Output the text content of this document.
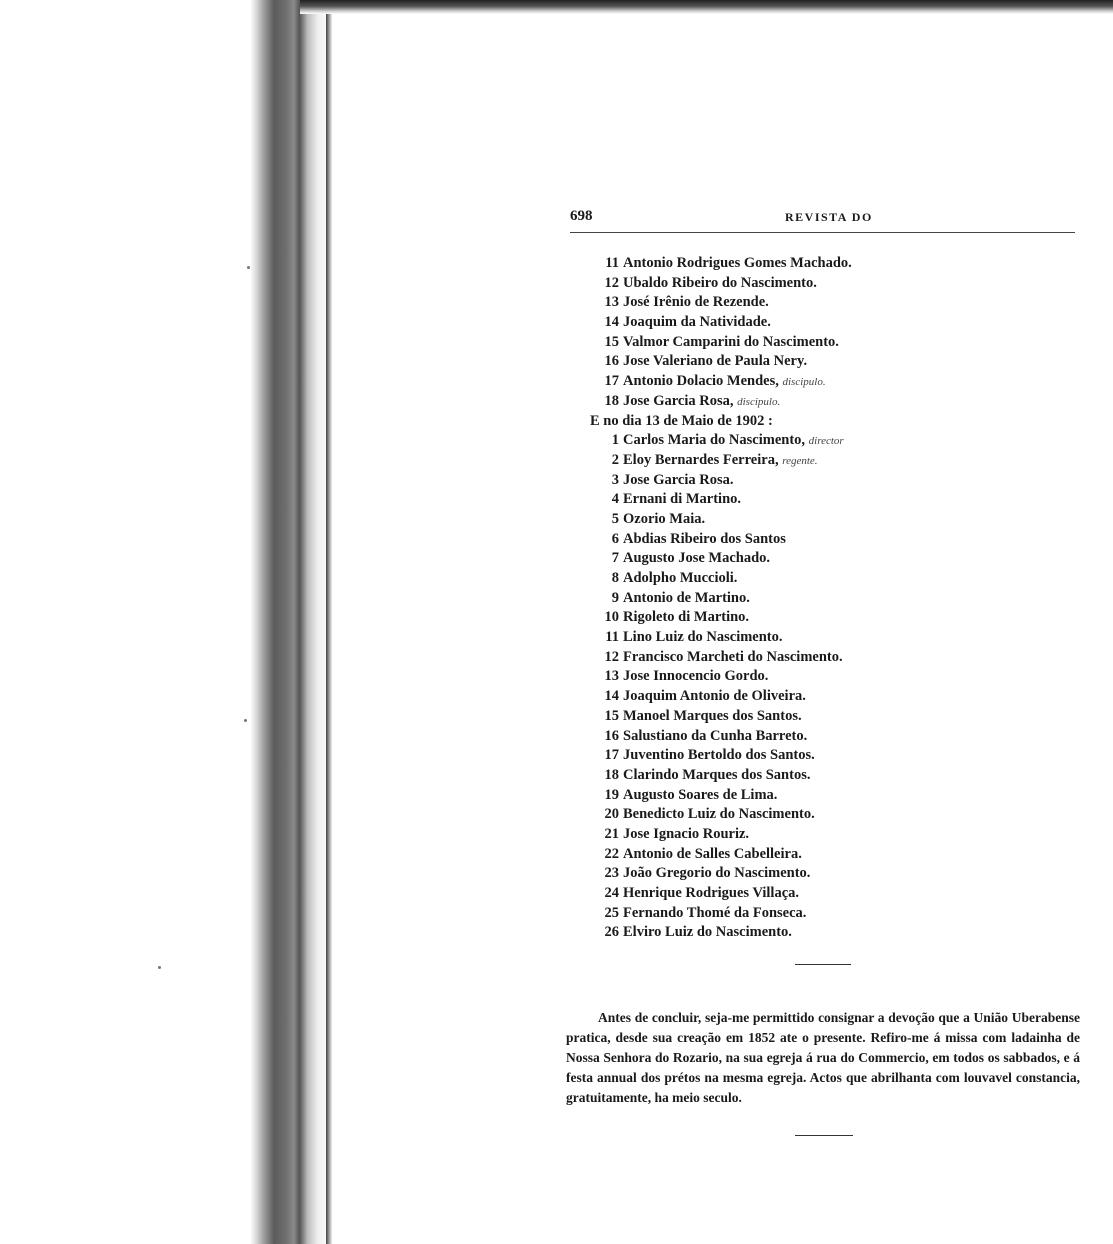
698	REVISTA DO
11 Antonio Rodrigues Gomes Machado.
12 Ubaldo Ribeiro do Nascimento.
13 José Irênio de Rezende.
14 Joaquim da Natividade.
15 Valmor Camparini do Nascimento.
16 Jose Valeriano de Paula Nery.
17 Antonio Dolacio Mendes, discipulo.
18 Jose Garcia Rosa, discipulo.
E no dia 13 de Maio de 1902 :
1 Carlos Maria do Nascimento, director
2 Eloy Bernardes Ferreira, regente.
3 Jose Garcia Rosa.
4 Ernani di Martino.
5 Ozorio Maia.
6 Abdias Ribeiro dos Santos
7 Augusto Jose Machado.
8 Adolpho Muccioli.
9 Antonio de Martino.
10 Rigoleto di Martino.
11 Lino Luiz do Nascimento.
12 Francisco Marcheti do Nascimento.
13 Jose Innocencio Gordo.
14 Joaquim Antonio de Oliveira.
15 Manoel Marques dos Santos.
16 Salustiano da Cunha Barreto.
17 Juventino Bertoldo dos Santos.
18 Clarindo Marques dos Santos.
19 Augusto Soares de Lima.
20 Benedicto Luiz do Nascimento.
21 Jose Ignacio Rouriz.
22 Antonio de Salles Cabelleira.
23 João Gregorio do Nascimento.
24 Henrique Rodrigues Villaça.
25 Fernando Thomé da Fonseca.
26 Elviro Luiz do Nascimento.

Antes de concluir, seja-me permittido consignar a devoção que a União Uberabense pratica, desde sua creação em 1852 ate o presente. Refiro-me á missa com ladainha de Nossa Senhora do Rozario, na sua egreja á rua do Commercio, em todos os sabbados, e á festa annual dos prétos na mesma egreja. Actos que abrilhanta com louvavel constancia, gratuitamente, ha meio seculo.
